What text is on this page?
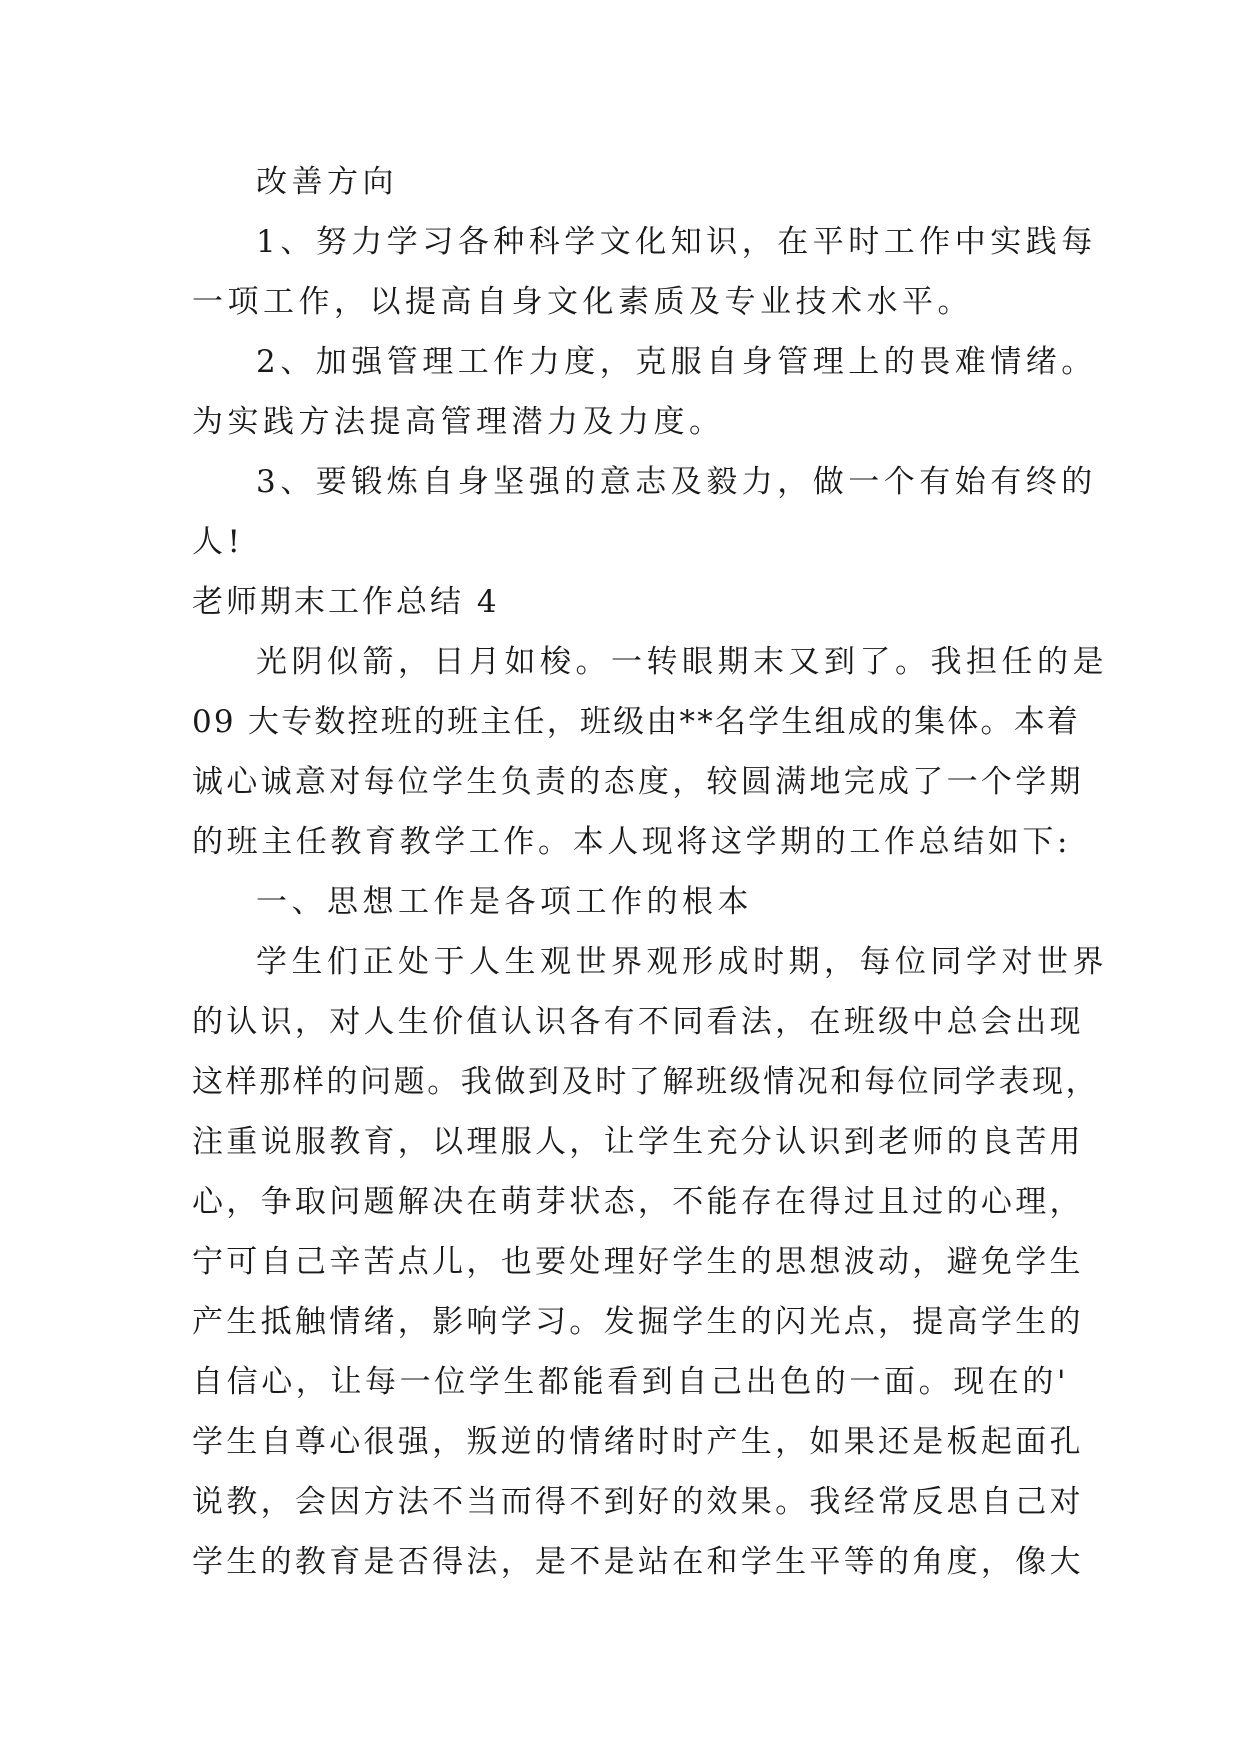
改善方向
1、努力学习各种科学文化知识，在平时工作中实践每
一项工作，以提高自身文化素质及专业技术水平。
2、加强管理工作力度，克服自身管理上的畏难情绪。
为实践方法提高管理潜力及力度。
3、要锻炼自身坚强的意志及毅力，做一个有始有终的
人!
老师期末工作总结 4
光阴似箭，日月如梭。一转眼期末又到了。我担任的是
09 大专数控班的班主任，班级由**名学生组成的集体。本着
诚心诚意对每位学生负责的态度，较圆满地完成了一个学期
的班主任教育教学工作。本人现将这学期的工作总结如下:
一、思想工作是各项工作的根本
学生们正处于人生观世界观形成时期，每位同学对世界
的认识，对人生价值认识各有不同看法，在班级中总会出现
这样那样的问题。我做到及时了解班级情况和每位同学表现，
注重说服教育，以理服人，让学生充分认识到老师的良苦用
心，争取问题解决在萌芽状态，不能存在得过且过的心理，
宁可自己辛苦点儿，也要处理好学生的思想波动，避免学生
产生抵触情绪，影响学习。发掘学生的闪光点，提高学生的
自信心，让每一位学生都能看到自己出色的一面。现在的'
学生自尊心很强，叛逆的情绪时时产生，如果还是板起面孔
说教，会因方法不当而得不到好的效果。我经常反思自己对
学生的教育是否得法，是不是站在和学生平等的角度，像大
